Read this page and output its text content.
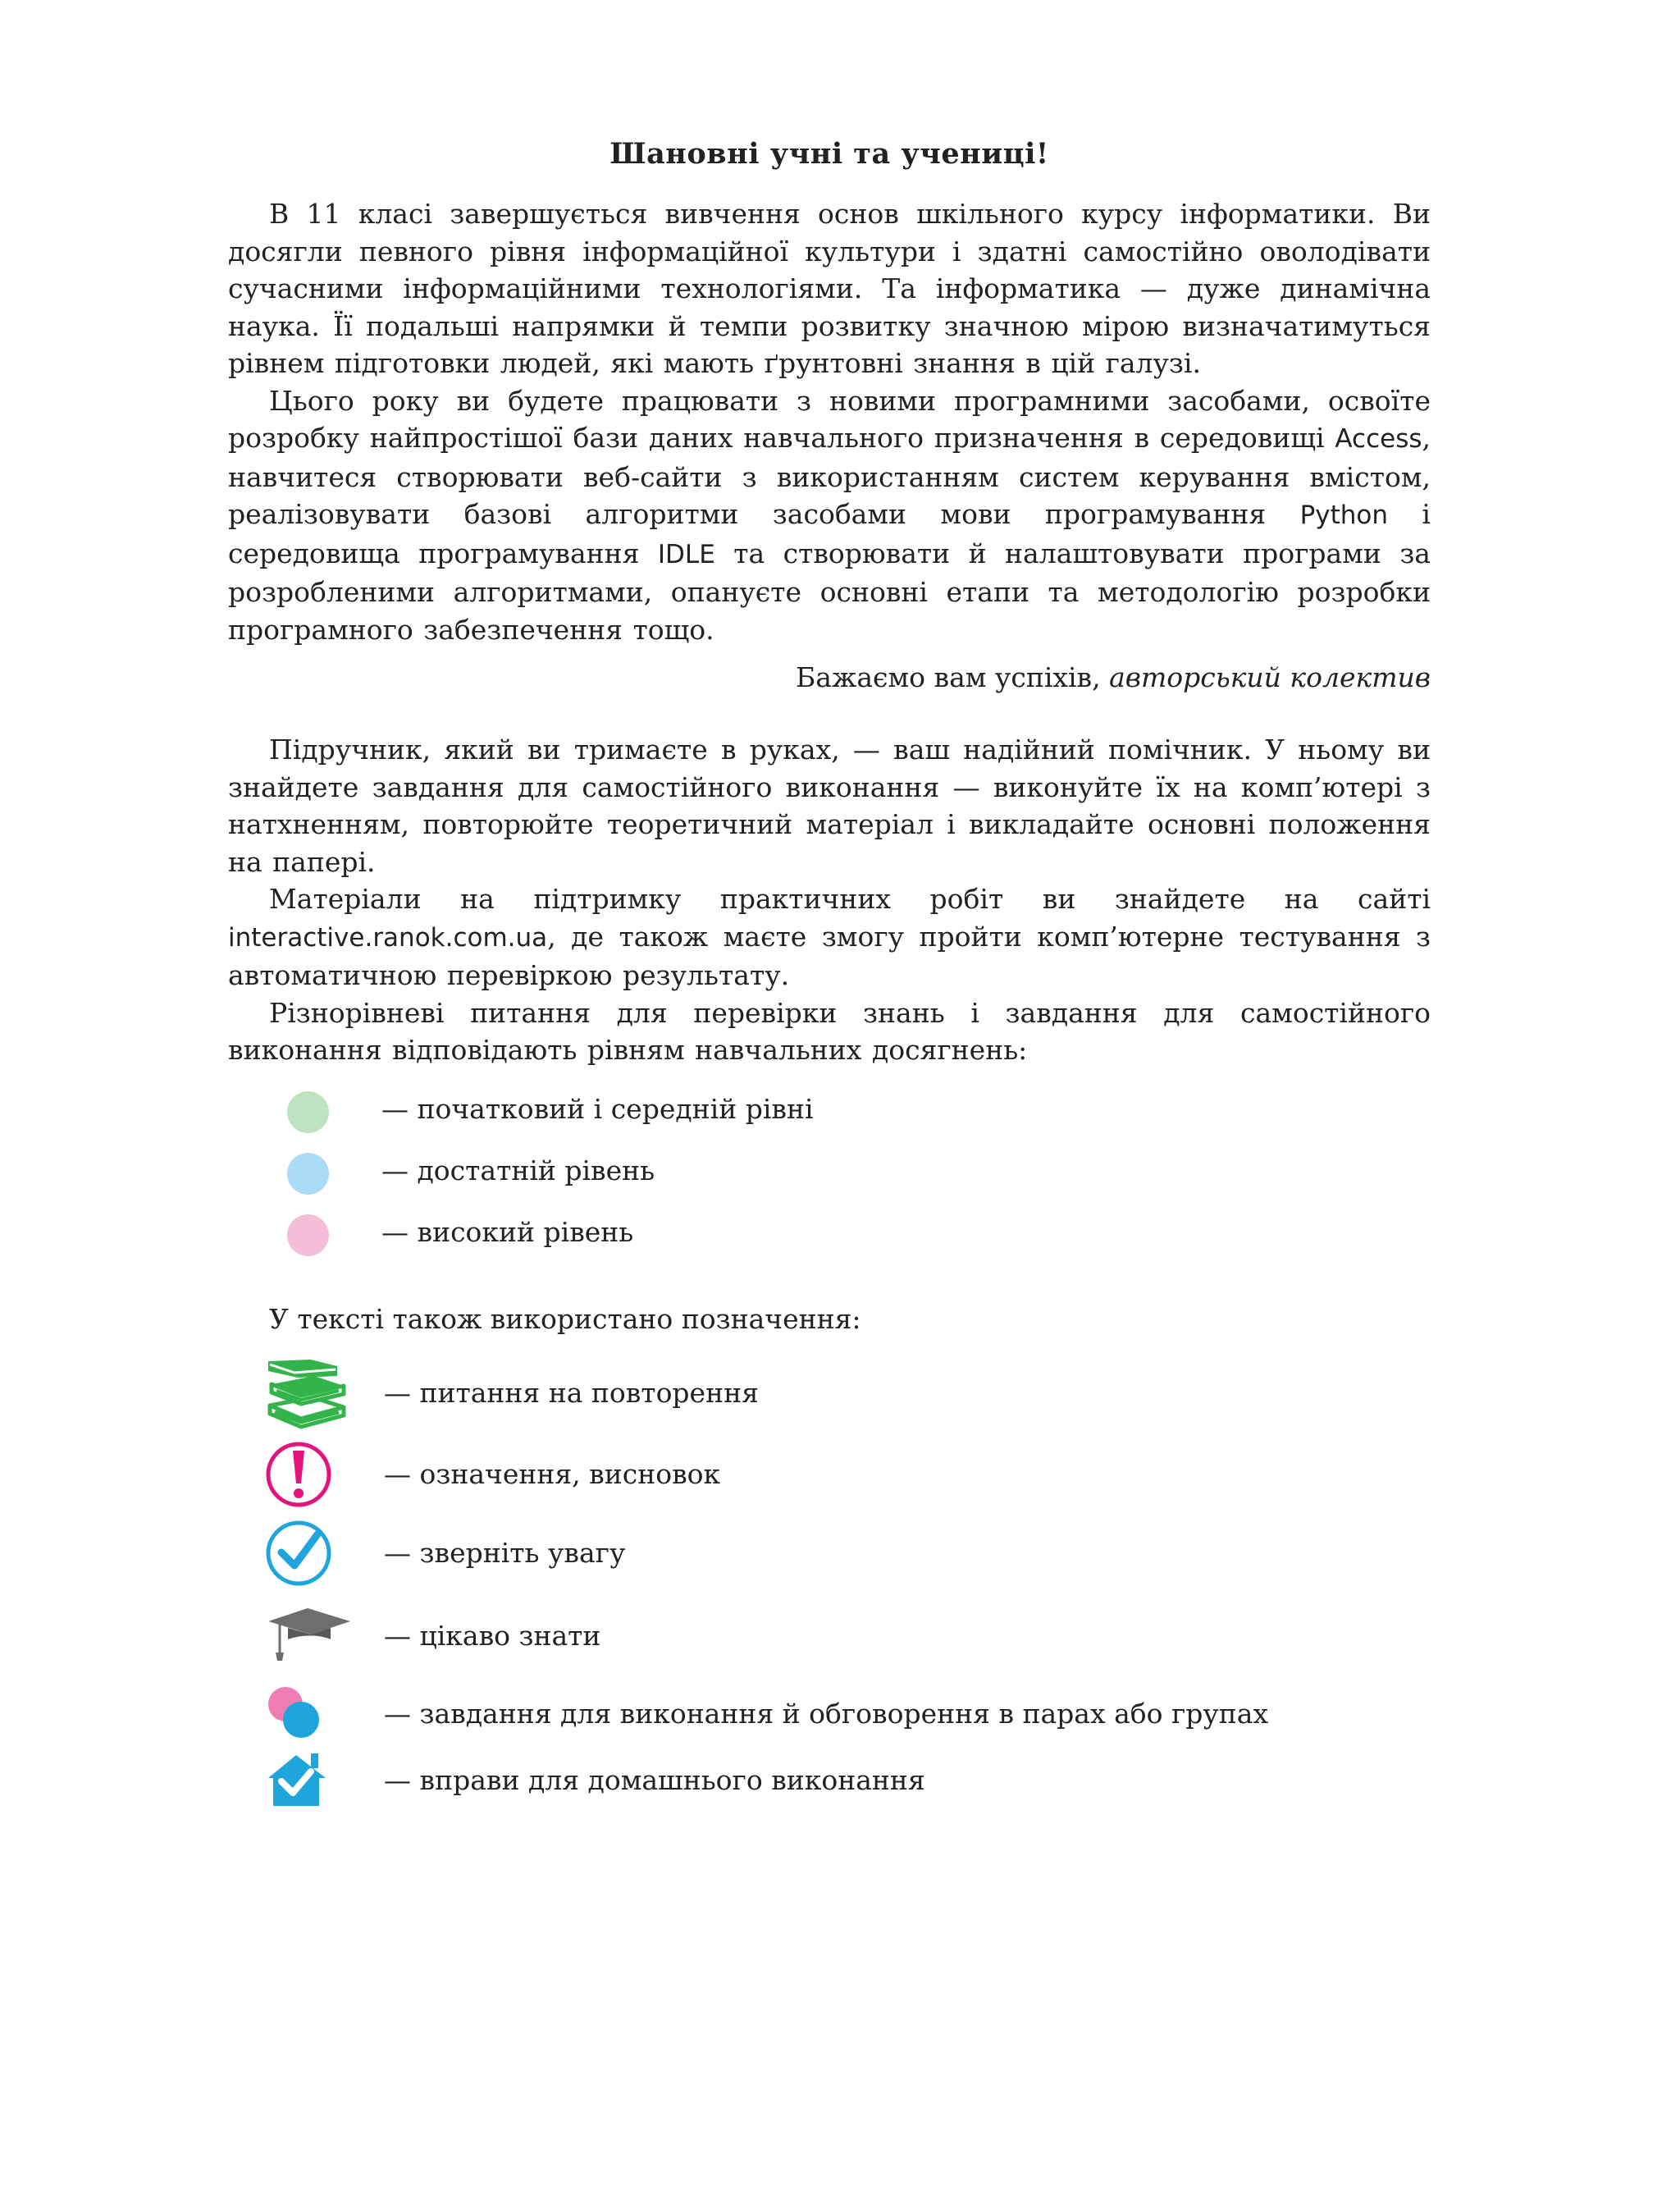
Шановні учні та учениці!

В 11 класі завершується вивчення основ шкільного курсу інформатики. Ви досягли певного рівня інформаційної культури і здатні самостійно оволодівати сучасними інформаційними технологіями. Та інформатика — дуже динамічна наука. Її подальші напрямки й темпи розвитку значною мірою визначатимуться рівнем підготовки людей, які мають ґрунтовні знання в цій галузі.

Цього року ви будете працювати з новими програмними засобами, освоїте розробку найпростішої бази даних навчального призначення в середовищі Access, навчитеся створювати веб-сайти з використанням систем керування вмістом, реалізовувати базові алгоритми засобами мови програмування Python і середовища програмування IDLE та створювати й налаштовувати програми за розробленими алгоритмами, опануєте основні етапи та методологію розробки програмного забезпечення тощо.

Бажаємо вам успіхів, авторський колектив

Підручник, який ви тримаєте в руках, — ваш надійний помічник. У ньому ви знайдете завдання для самостійного виконання — виконуйте їх на комп’ютері з натхненням, повторюйте теоретичний матеріал і викладайте основні положення на папері.

Матеріали на підтримку практичних робіт ви знайдете на сайті interactive.ranok.com.ua, де також маєте змогу пройти комп’ютерне тестування з автоматичною перевіркою результату.

Різнорівневі питання для перевірки знань і завдання для самостійного виконання відповідають рівням навчальних досягнень:

— початковий і середній рівні
— достатній рівень
— високий рівень
У тексті також використано позначення:
— питання на повторення
— означення, висновок
— зверніть увагу
— цікаво знати
— завдання для виконання й обговорення в парах або групах
— вправи для домашнього виконання
